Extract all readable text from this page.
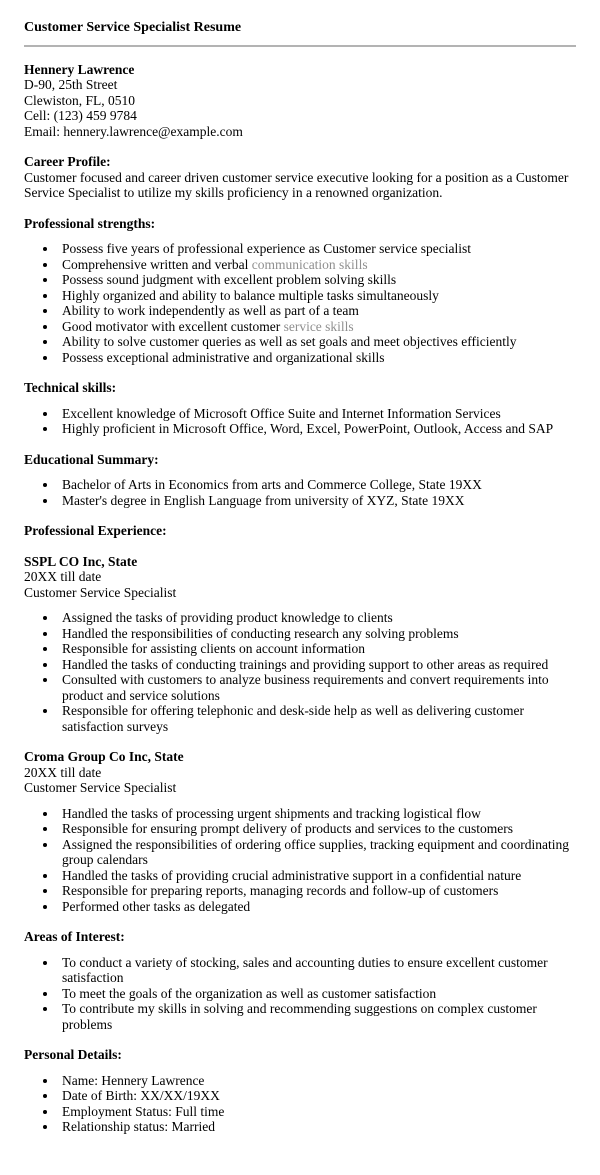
Customer Service Specialist Resume
Hennery Lawrence
D-90, 25th Street
Clewiston, FL, 0510
Cell: (123) 459 9784
Email: hennery.lawrence@example.com
Career Profile:
Customer focused and career driven customer service executive looking for a position as a Customer Service Specialist to utilize my skills proficiency in a renowned organization.
Professional strengths:
• Possess five years of professional experience as Customer service specialist
• Comprehensive written and verbal communication skills
• Possess sound judgment with excellent problem solving skills
• Highly organized and ability to balance multiple tasks simultaneously
• Ability to work independently as well as part of a team
• Good motivator with excellent customer service skills
• Ability to solve customer queries as well as set goals and meet objectives efficiently
• Possess exceptional administrative and organizational skills
Technical skills:
• Excellent knowledge of Microsoft Office Suite and Internet Information Services
• Highly proficient in Microsoft Office, Word, Excel, PowerPoint, Outlook, Access and SAP
Educational Summary:
• Bachelor of Arts in Economics from arts and Commerce College, State 19XX
• Master's degree in English Language from university of XYZ, State 19XX
Professional Experience:
SSPL CO Inc, State
20XX till date
Customer Service Specialist
• Assigned the tasks of providing product knowledge to clients
• Handled the responsibilities of conducting research any solving problems
• Responsible for assisting clients on account information
• Handled the tasks of conducting trainings and providing support to other areas as required
• Consulted with customers to analyze business requirements and convert requirements into product and service solutions
• Responsible for offering telephonic and desk-side help as well as delivering customer satisfaction surveys
Croma Group Co Inc, State
20XX till date
Customer Service Specialist
• Handled the tasks of processing urgent shipments and tracking logistical flow
• Responsible for ensuring prompt delivery of products and services to the customers
• Assigned the responsibilities of ordering office supplies, tracking equipment and coordinating group calendars
• Handled the tasks of providing crucial administrative support in a confidential nature
• Responsible for preparing reports, managing records and follow-up of customers
• Performed other tasks as delegated
Areas of Interest:
• To conduct a variety of stocking, sales and accounting duties to ensure excellent customer satisfaction
• To meet the goals of the organization as well as customer satisfaction
• To contribute my skills in solving and recommending suggestions on complex customer problems
Personal Details:
• Name: Hennery Lawrence
• Date of Birth: XX/XX/19XX
• Employment Status: Full time
• Relationship status: Married
